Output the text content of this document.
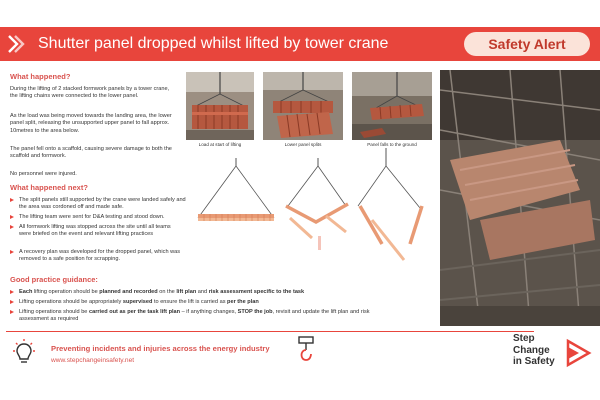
Shutter panel dropped whilst lifted by tower crane	Safety Alert
What happened?
During the lifting of 2 stacked formwork panels by a tower crane, the lifting chains were connected to the lower panel.
As the load was being moved towards the landing area, the lower panel split, releasing the unsupported upper panel to fall approx. 10metres to the area below.
The panel fell onto a scaffold, causing severe damage to both the scaffold and formwork.
No personnel were injured.
What happened next?
The split panels still supported by the crane were landed safely and the area was cordoned off and made safe.
The lifting team were sent for D&A testing and stood down.
All formwork lifting was stopped across the site until all teams were briefed on the event and relevant lifting practices
A recovery plan was developed for the dropped panel, which was removed to a safe position for scrapping.
Good practice guidance:
Each lifting operation should be planned and recorded on the lift plan and risk assessment specific to the task
Lifting operations should be appropriately supervised to ensure the lift is carried as per the plan
Lifting operations should be carried out as per the task lift plan – if anything changes, STOP the job, revisit and update the lift plan and risk assessment as required
Load at start of lifting	Lower panel splits	Panel falls to the ground
Preventing incidents and injuries across the energy industry
www.stepchangeinsafety.net
Step
Change
in Safety
